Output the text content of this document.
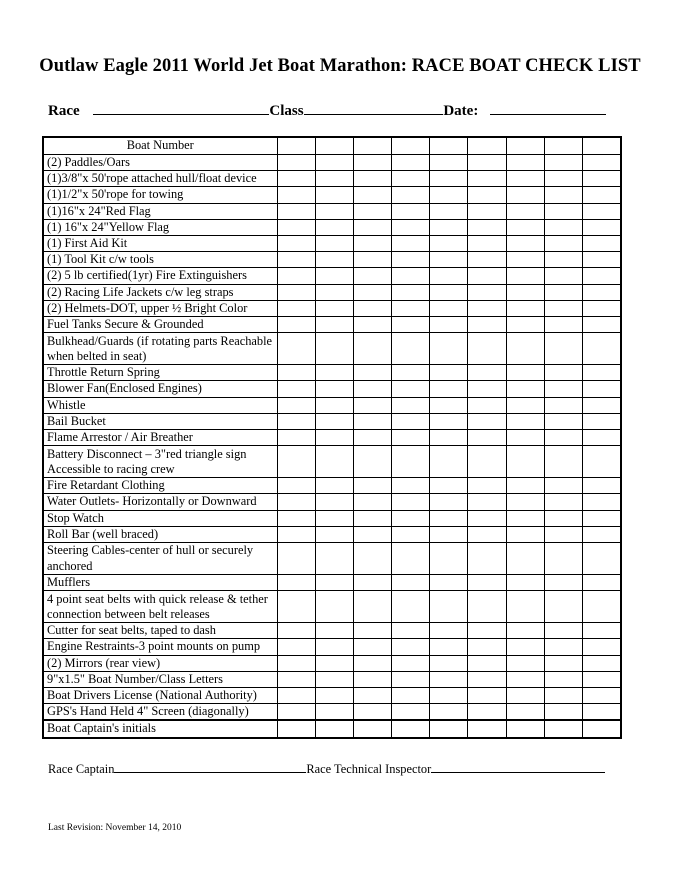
Outlaw Eagle 2011 World Jet Boat Marathon: RACE BOAT CHECK LIST
Race	Class	Date:
Boat Number									
(2) Paddles/Oars									
(1)3/8"x 50'rope attached hull/float device									
(1)1/2"x 50'rope for towing									
(1)16"x 24"Red Flag									
(1) 16"x 24"Yellow Flag									
(1) First Aid Kit									
(1) Tool Kit c/w tools									
(2) 5 lb certified(1yr) Fire Extinguishers									
(2) Racing Life Jackets c/w leg straps									
(2) Helmets-DOT, upper ½ Bright Color									
Fuel Tanks Secure & Grounded									
Bulkhead/Guards (if rotating parts Reachable when belted in seat)									
Throttle Return Spring									
Blower Fan(Enclosed Engines)									
Whistle									
Bail Bucket									
Flame Arrestor / Air Breather									
Battery Disconnect – 3"red triangle sign Accessible to racing crew									
Fire Retardant Clothing									
Water Outlets- Horizontally or Downward									
Stop Watch									
Roll Bar (well braced)									
Steering Cables-center of hull or securely anchored									
Mufflers									
4 point seat belts with quick release & tether connection between belt releases									
Cutter for seat belts, taped to dash									
Engine Restraints-3 point mounts on pump									
(2) Mirrors (rear view)									
9"x1.5" Boat Number/Class Letters									
Boat Drivers License (National Authority)									
GPS's Hand Held 4" Screen (diagonally)									
Boat Captain's initials									
Race Captain	Race Technical Inspector
Last Revision: November 14, 2010
